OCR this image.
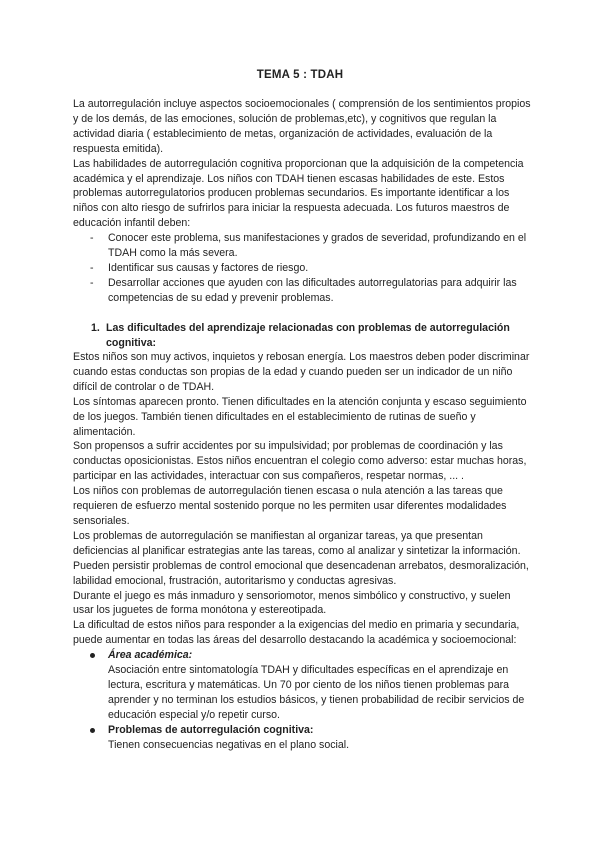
TEMA 5 : TDAH

La autorregulación incluye aspectos socioemocionales ( comprensión de los sentimientos propios y de los demás, de las emociones, solución de problemas,etc), y cognitivos que regulan la actividad diaria ( establecimiento de metas, organización de actividades, evaluación de la respuesta emitida).

Las habilidades de autorregulación cognitiva proporcionan que la adquisición de la competencia académica y el aprendizaje. Los niños con TDAH tienen escasas habilidades de este. Estos problemas autorregulatorios producen problemas secundarios. Es importante identificar a los niños con alto riesgo de sufrirlos para iniciar la respuesta adecuada. Los futuros maestros de educación infantil deben:

- Conocer este problema, sus manifestaciones y grados de severidad, profundizando en el TDAH como la más severa.
- Identificar sus causas y factores de riesgo.
- Desarrollar acciones que ayuden con las dificultades autorregulatorias para adquirir las competencias de su edad y prevenir problemas.
1. Las dificultades del aprendizaje relacionadas con problemas de autorregulación cognitiva:

Estos niños son muy activos, inquietos y rebosan energía. Los maestros deben poder discriminar cuando estas conductas son propias de la edad y cuando pueden ser un indicador de un niño difícil de controlar o de TDAH.

Los síntomas aparecen pronto. Tienen dificultades en la atención conjunta y escaso seguimiento de los juegos. También tienen dificultades en el establecimiento de rutinas de sueño y alimentación.

Son propensos a sufrir accidentes por su impulsividad; por problemas de coordinación y las conductas oposicionistas. Estos niños encuentran el colegio como adverso: estar muchas horas, participar en las actividades, interactuar con sus compañeros, respetar normas, ... .

Los niños con problemas de autorregulación tienen escasa o nula atención a las tareas que requieren de esfuerzo mental sostenido porque no les permiten usar diferentes modalidades sensoriales.

Los problemas de autorregulación se manifiestan al organizar tareas, ya que presentan deficiencias al planificar estrategias ante las tareas, como al analizar y sintetizar la información. Pueden persistir problemas de control emocional que desencadenan arrebatos, desmoralización, labilidad emocional, frustración, autoritarismo y conductas agresivas.

Durante el juego es más inmaduro y sensoriomotor, menos simbólico y constructivo, y suelen usar los juguetes de forma monótona y estereotipada.

La dificultad de estos niños para responder a la exigencias del medio en primaria y secundaria, puede aumentar en todas las áreas del desarrollo destacando la académica y socioemocional:

Área académica:
Asociación entre sintomatología TDAH y dificultades específicas en el aprendizaje en lectura, escritura y matemáticas. Un 70 por ciento de los niños tienen problemas para aprender y no terminan los estudios básicos, y tienen probabilidad de recibir servicios de educación especial y/o repetir curso.
Problemas de autorregulación cognitiva:
Tienen consecuencias negativas en el plano social.
